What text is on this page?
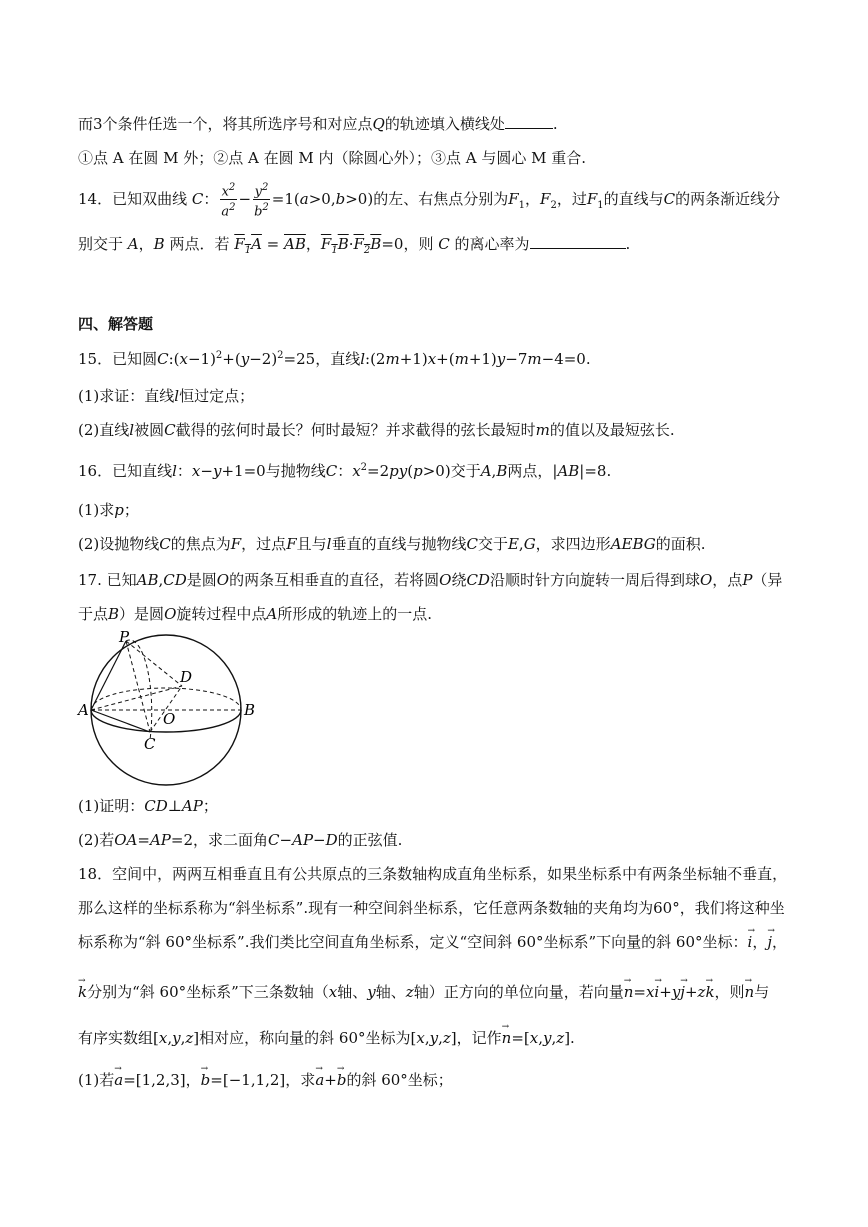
而3个条件任选一个，将其所选序号和对应点Q的轨迹填入横线处	.
①点 A 在圆 M 外；②点 A 在圆 M 内（除圆心外）；③点 A 与圆心 M 重合.
14．已知双曲线 C： $\frac{x^2}{a^2} - \frac{y^2}{b^2} =1(a>0,b>0)$的左、右焦点分别为$F_1$，$F_2$，过$F_1$的直线与C的两条渐近线分
别交于 A，B 两点．若 $F_1A = \overline{AB}$，$F_1B\cdot F_2B=0$，则 C 的离心率为	.
四、解答题
15．已知圆$C:(x-1)^2+(y-2)^2=25$，直线l:(2m+1)x+(m+1)y−7m−4=0.
(1)求证：直线l恒过定点；
(2)直线l被圆C截得的弦何时最长？何时最短？并求截得的弦长最短时m的值以及最短弦长.
16．已知直线l：x−y+1=0与抛物线C：$x^2=2py(p>0)$交于A,B两点，|AB|=8.
(1)求p；
(2)设抛物线C的焦点为F，过点F且与l垂直的直线与抛物线C交于E,G，求四边形AEBG的面积.
17. 已知AB,CD是圆O的两条互相垂直的直径，若将圆O绕CD沿顺时针方向旋转一周后得到球O，点P（异
于点B）是圆O旋转过程中点A所形成的轨迹上的一点.
P
D
A	O	B
C
(1)证明：CD⊥AP；
(2)若OA=AP=2，求二面角C−AP−D的正弦值.
18．空间中，两两互相垂直且有公共原点的三条数轴构成直角坐标系，如果坐标系中有两条坐标轴不垂直，
那么这样的坐标系称为“斜坐标系”.现有一种空间斜坐标系，它任意两条数轴的夹角均为60°，我们将这种坐
标系称为“斜 60°坐标系”.我们类比空间直角坐标系，定义“空间斜 60°坐标系”下向量的斜 60°坐标：→ i，→ j，
→ k分别为“斜 60°坐标系”下三条数轴（x轴、y轴、z轴）正方向的单位向量，若向量→ n=x→ i+y→ j+z→ k，则→ n与
有序实数组[x,y,z]相对应，称向量的斜 60°坐标为[x,y,z]，记作→ n=[x,y,z].
(1)若→ a=[1,2,3]，→ b=[−1,1,2]，求→ a+→ b的斜 60°坐标；
